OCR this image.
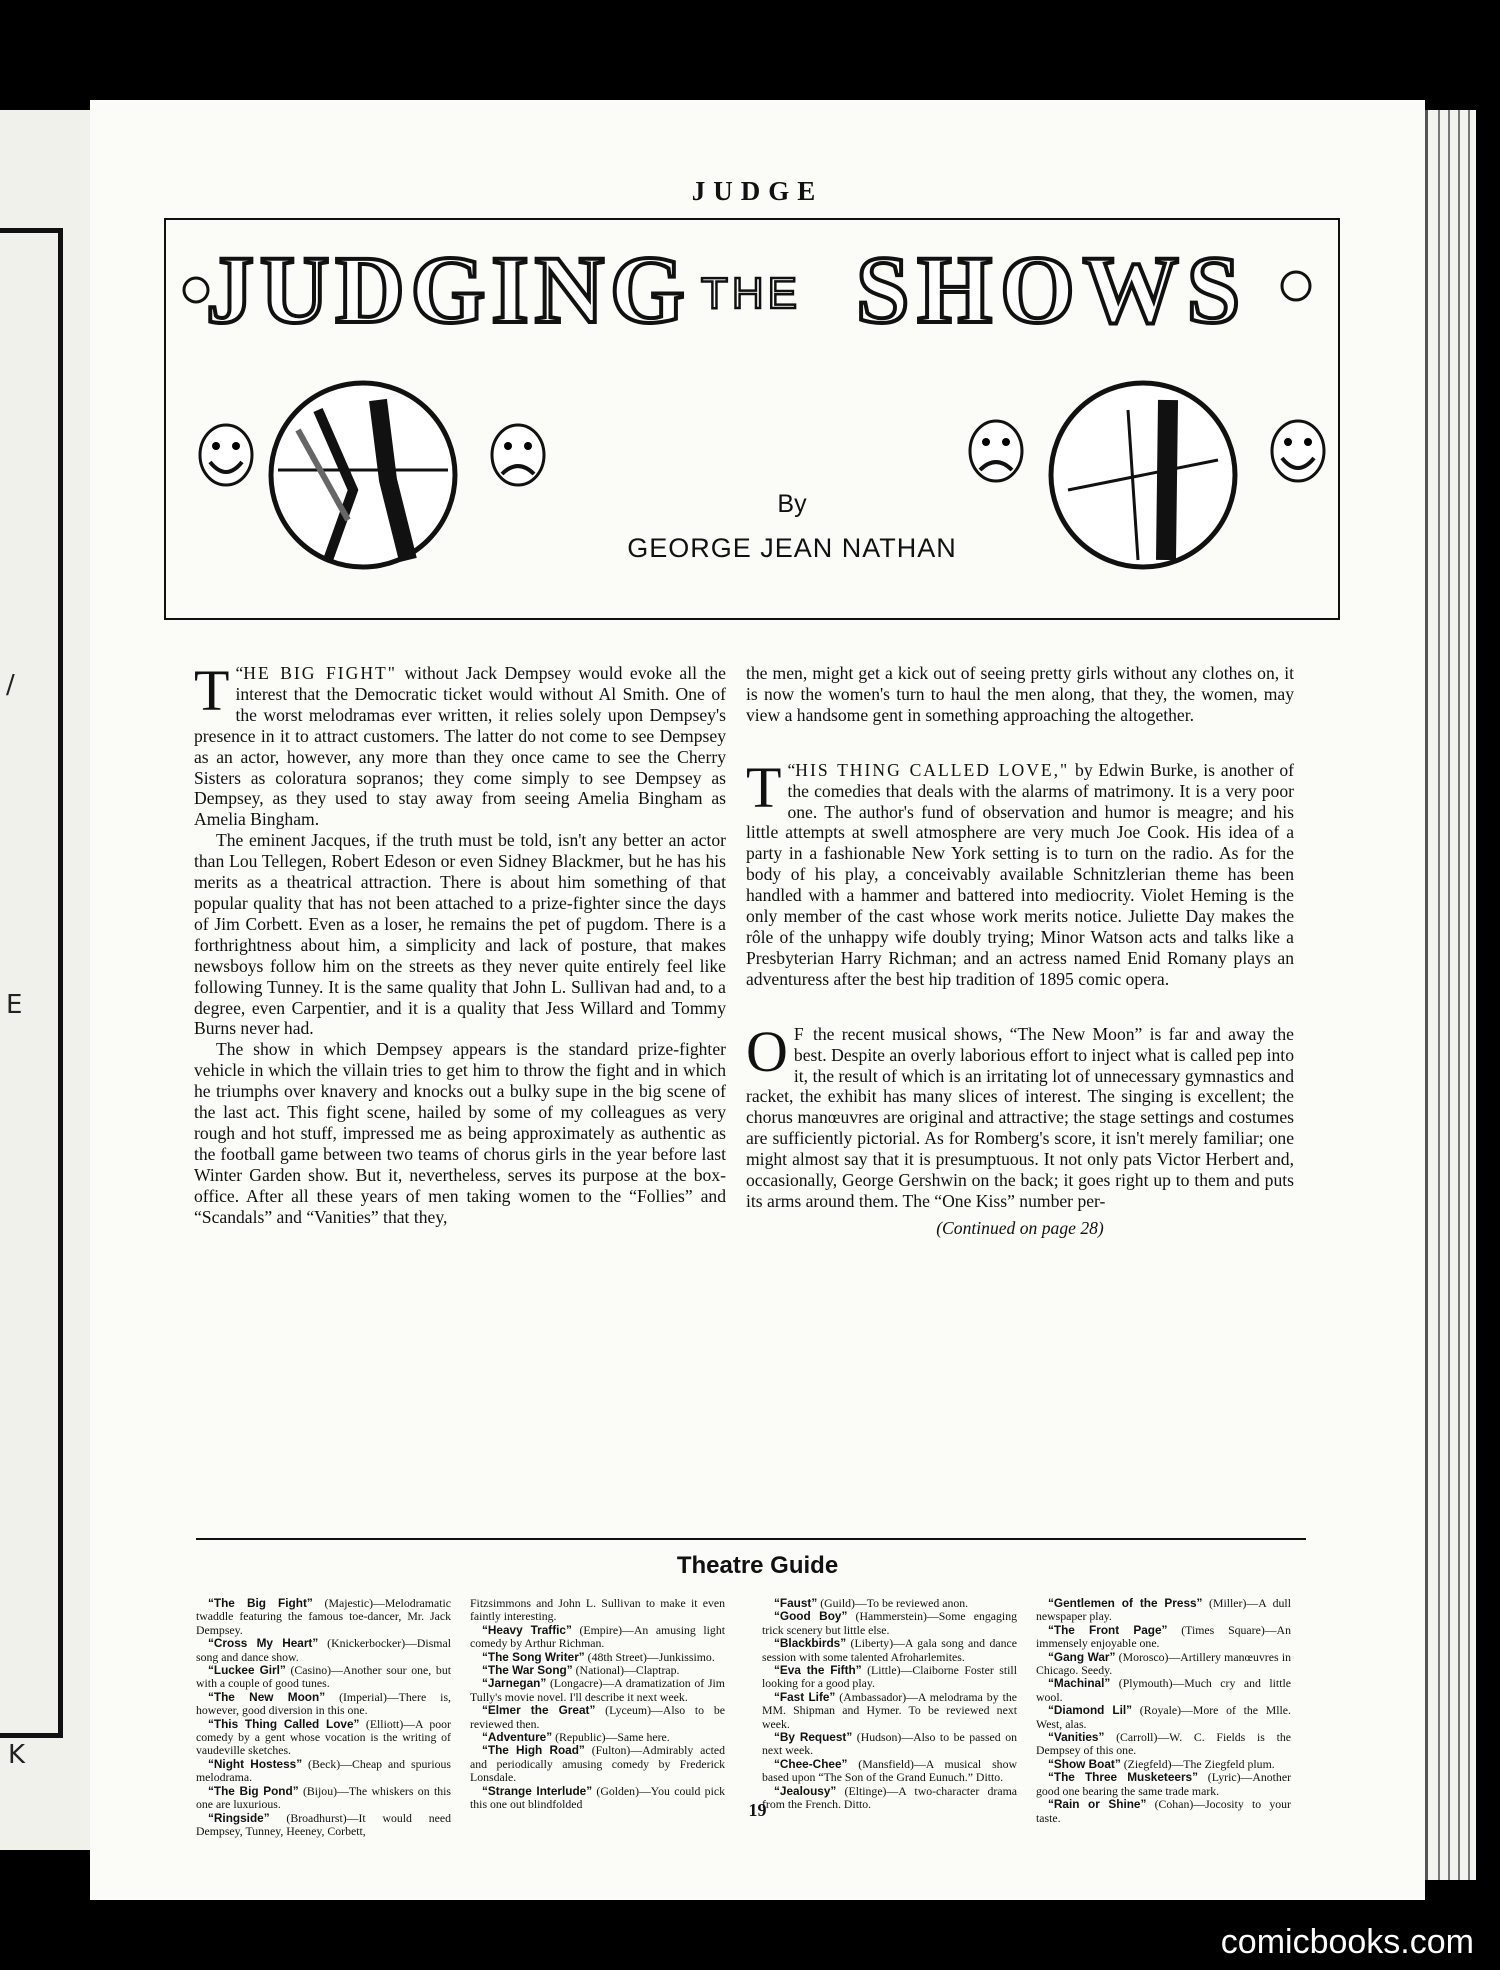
/
E
K
JUDGE
JUDGING THE SHOWS
By
GEORGE JEAN NATHAN

“
T HE BIG FIGHT" without Jack Dempsey would evoke all the interest that the Democratic ticket would without Al Smith. One of the worst melodramas ever written, it relies solely upon Dempsey's presence in it to attract customers. The latter do not come to see Dempsey as an actor, however, any more than they once came to see the Cherry Sisters as coloratura sopranos; they come simply to see Dempsey as Dempsey, as they used to stay away from seeing Amelia Bingham as Amelia Bingham.

The eminent Jacques, if the truth must be told, isn't any better an actor than Lou Tellegen, Robert Edeson or even Sidney Blackmer, but he has his merits as a theatrical attraction. There is about him something of that popular quality that has not been attached to a prize-fighter since the days of Jim Corbett. Even as a loser, he remains the pet of pugdom. There is a forthrightness about him, a simplicity and lack of posture, that makes newsboys follow him on the streets as they never quite entirely feel like following Tunney. It is the same quality that John L. Sullivan had and, to a degree, even Carpentier, and it is a quality that Jess Willard and Tommy Burns never had.

The show in which Dempsey appears is the standard prize-fighter vehicle in which the villain tries to get him to throw the fight and in which he triumphs over knavery and knocks out a bulky supe in the big scene of the last act. This fight scene, hailed by some of my colleagues as very rough and hot stuff, impressed me as being approximately as authentic as the football game between two teams of chorus girls in the year before last Winter Garden show. But it, nevertheless, serves its purpose at the box-office. After all these years of men taking women to the “Follies” and “Scandals” and “Vanities” that they,

the men, might get a kick out of seeing pretty girls without any clothes on, it is now the women's turn to haul the men along, that they, the women, may view a handsome gent in something approaching the altogether.

“
T HIS THING CALLED LOVE," by Edwin Burke, is another of the comedies that deals with the alarms of matrimony. It is a very poor one. The author's fund of observation and humor is meagre; and his little attempts at swell atmosphere are very much Joe Cook. His idea of a party in a fashionable New York setting is to turn on the radio. As for the body of his play, a conceivably available Schnitzlerian theme has been handled with a hammer and battered into mediocrity. Violet Heming is the only member of the cast whose work merits notice. Juliette Day makes the rôle of the unhappy wife doubly trying; Minor Watson acts and talks like a Presbyterian Harry Richman; and an actress named Enid Romany plays an adventuress after the best hip tradition of 1895 comic opera.

O F the recent musical shows, “The New Moon” is far and away the best. Despite an overly laborious effort to inject what is called pep into it, the result of which is an irritating lot of unnecessary gymnastics and racket, the exhibit has many slices of interest. The singing is excellent; the chorus manœuvres are original and attractive; the stage settings and costumes are sufficiently pictorial. As for Romberg's score, it isn't merely familiar; one might almost say that it is presumptuous. It not only pats Victor Herbert and, occasionally, George Gershwin on the back; it goes right up to them and puts its arms around them. The “One Kiss” number per-

(Continued on page 28)
Theatre Guide

“The Big Fight” (Majestic)—Melodramatic twaddle featuring the famous toe-dancer, Mr. Jack Dempsey.

“Cross My Heart” (Knickerbocker)—Dismal song and dance show.

“Luckee Girl” (Casino)—Another sour one, but with a couple of good tunes.

“The New Moon” (Imperial)—There is, however, good diversion in this one.

“This Thing Called Love” (Elliott)—A poor comedy by a gent whose vocation is the writing of vaudeville sketches.

“Night Hostess” (Beck)—Cheap and spurious melodrama.

“The Big Pond” (Bijou)—The whiskers on this one are luxurious.

“Ringside” (Broadhurst)—It would need Dempsey, Tunney, Heeney, Corbett,

Fitzsimmons and John L. Sullivan to make it even faintly interesting.

“Heavy Traffic” (Empire)—An amusing light comedy by Arthur Richman.

“The Song Writer” (48th Street)—Junkissimo.

“The War Song” (National)—Claptrap.

“Jarnegan” (Longacre)—A dramatization of Jim Tully's movie novel. I'll describe it next week.

“Elmer the Great” (Lyceum)—Also to be reviewed then.

“Adventure” (Republic)—Same here.

“The High Road” (Fulton)—Admirably acted and periodically amusing comedy by Frederick Lonsdale.

“Strange Interlude” (Golden)—You could pick this one out blindfolded

“Faust” (Guild)—To be reviewed anon.

“Good Boy” (Hammerstein)—Some engaging trick scenery but little else.

“Blackbirds” (Liberty)—A gala song and dance session with some talented Afroharlemites.

“Eva the Fifth” (Little)—Claiborne Foster still looking for a good play.

“Fast Life” (Ambassador)—A melodrama by the MM. Shipman and Hymer. To be reviewed next week.

“By Request” (Hudson)—Also to be passed on next week.

“Chee-Chee” (Mansfield)—A musical show based upon “The Son of the Grand Eunuch.” Ditto.

“Jealousy” (Eltinge)—A two-character drama from the French. Ditto.

“Gentlemen of the Press” (Miller)—A dull newspaper play.

“The Front Page” (Times Square)—An immensely enjoyable one.

“Gang War” (Morosco)—Artillery manœuvres in Chicago. Seedy.

“Machinal” (Plymouth)—Much cry and little wool.

“Diamond Lil” (Royale)—More of the Mlle. West, alas.

“Vanities” (Carroll)—W. C. Fields is the Dempsey of this one.

“Show Boat” (Ziegfeld)—The Ziegfeld plum.

“The Three Musketeers” (Lyric)—Another good one bearing the same trade mark.

“Rain or Shine” (Cohan)—Jocosity to your taste.

19
comicbooks.com
